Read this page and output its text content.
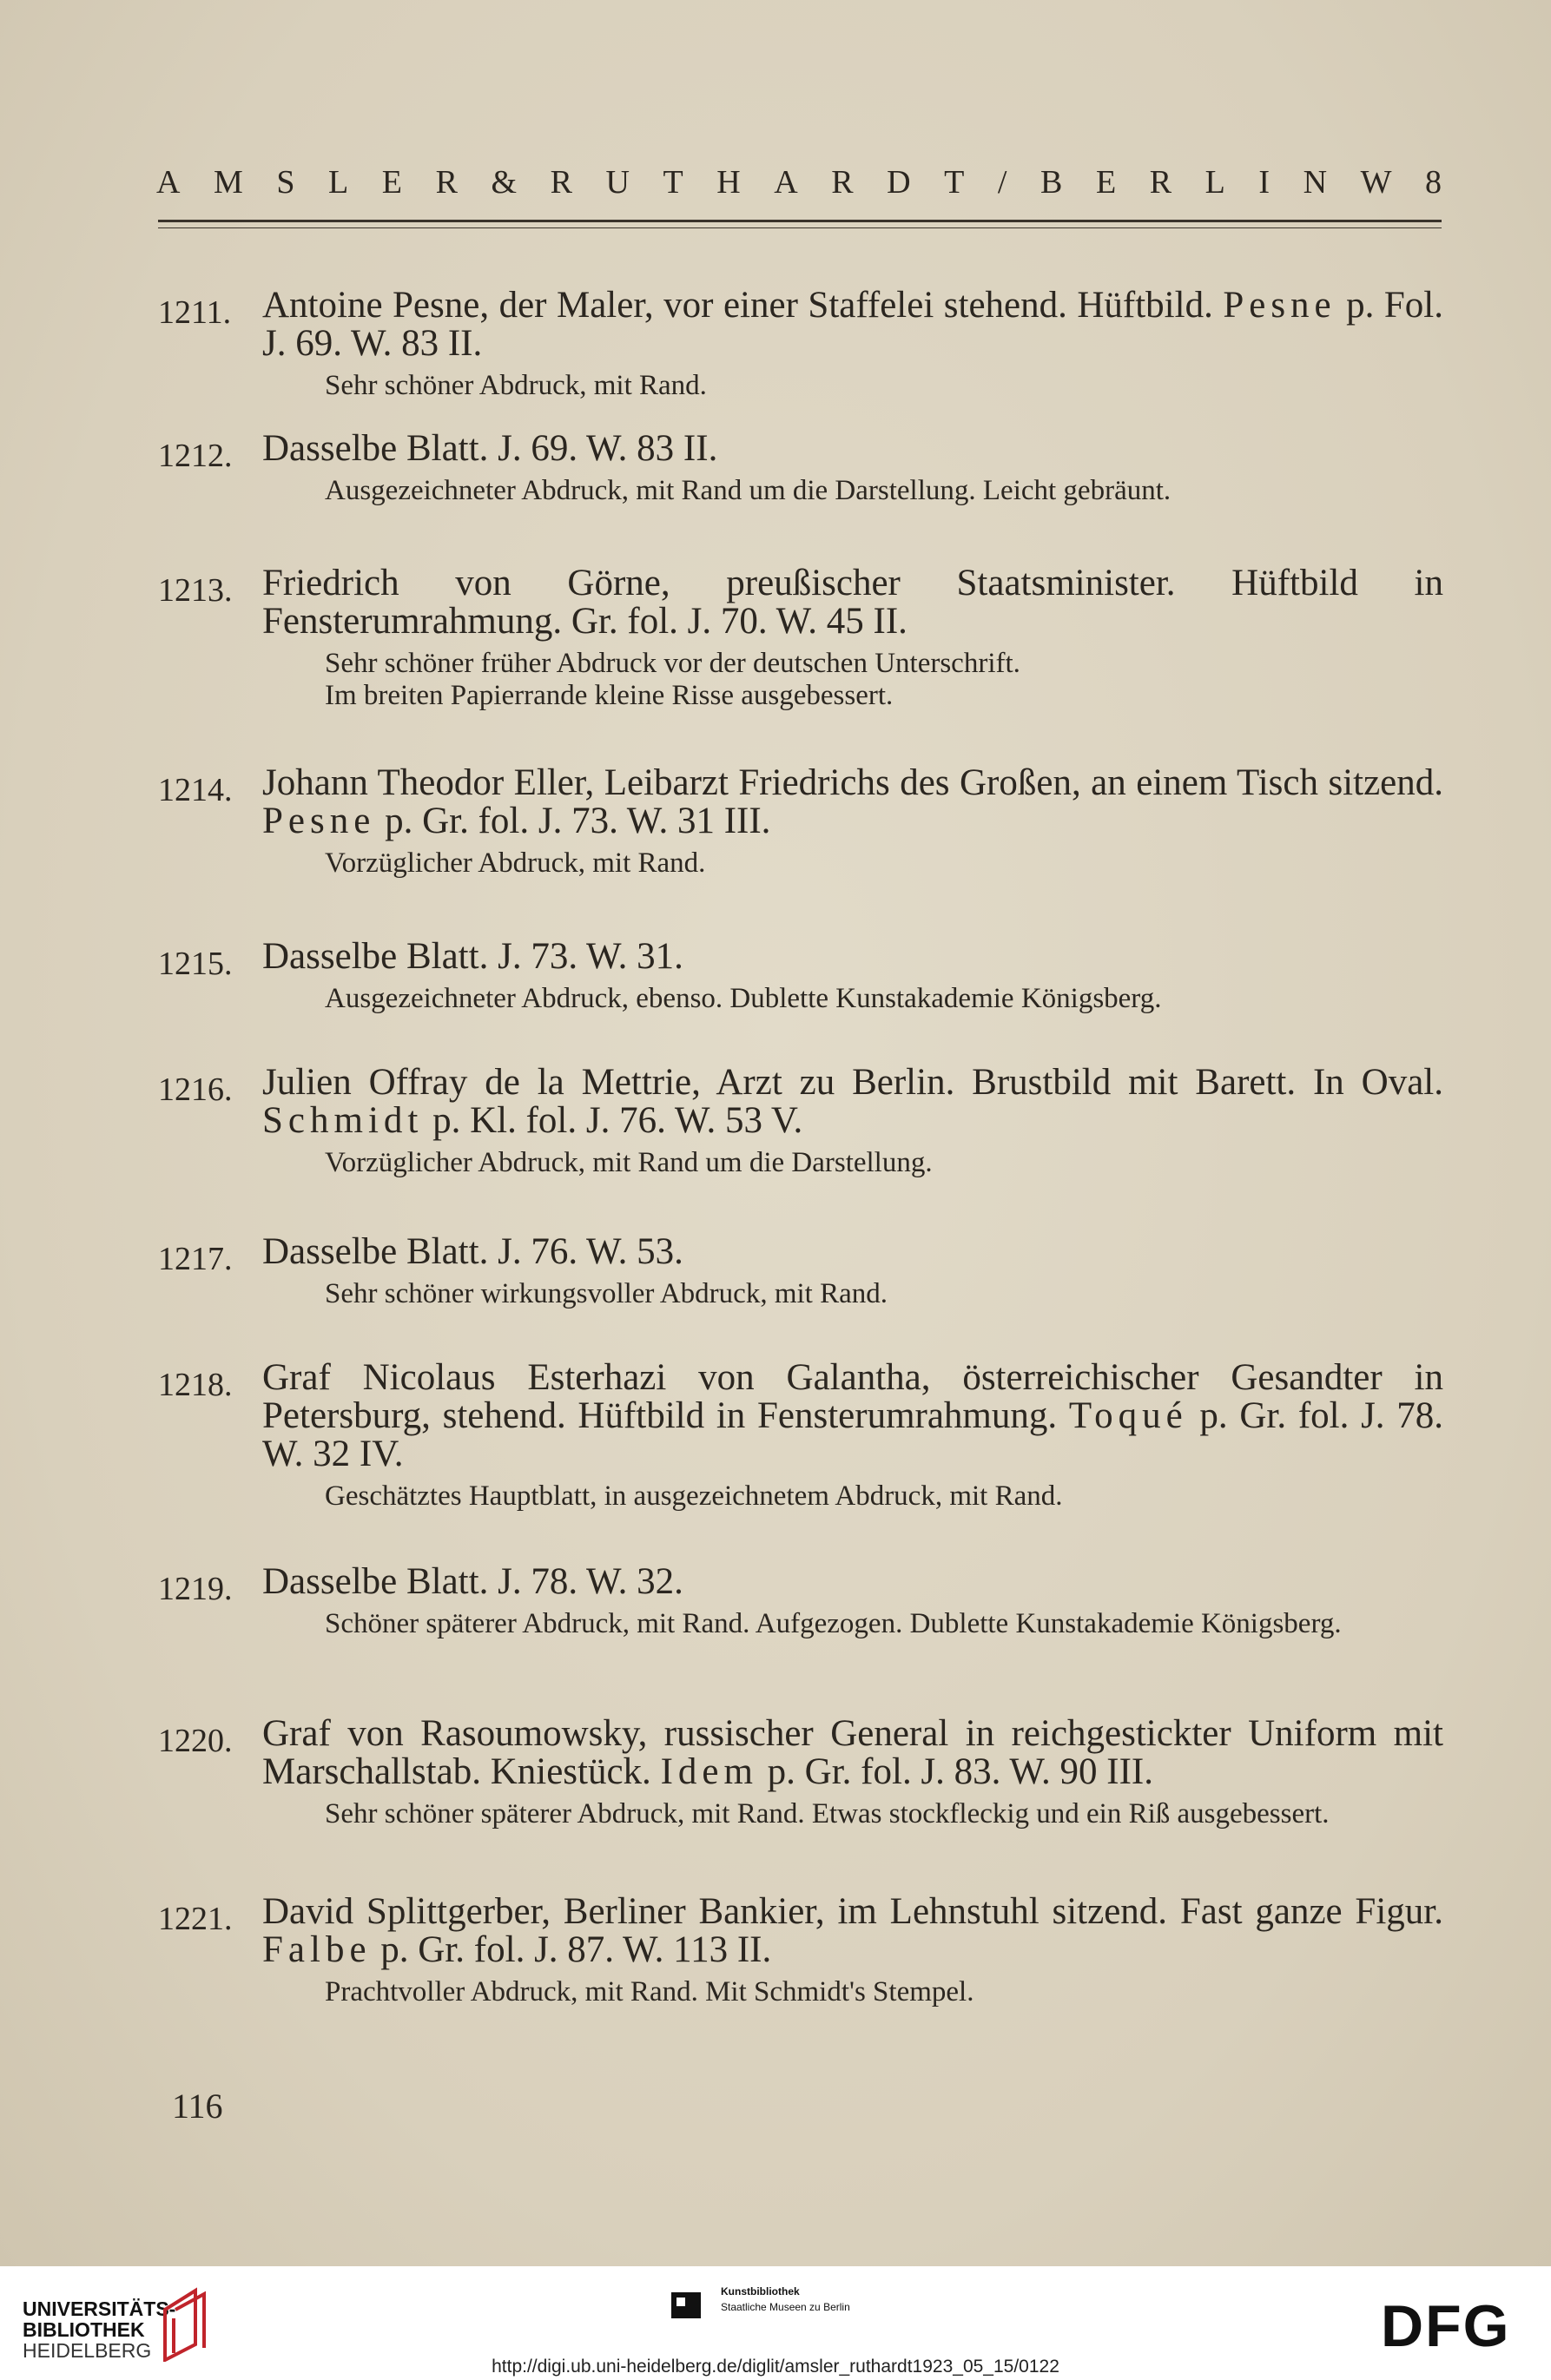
A M S L E R & R U T H A R D T / B E R L I N W 8
1211. Antoine Pesne, der Maler, vor einer Staffelei stehend. Hüftbild. Pesne p. Fol. J. 69. W. 83 II.
Sehr schöner Abdruck, mit Rand.
1212. Dasselbe Blatt. J. 69. W. 83 II.
Ausgezeichneter Abdruck, mit Rand um die Darstellung. Leicht gebräunt.
1213. Friedrich von Görne, preußischer Staatsminister. Hüftbild in Fensterumrahmung. Gr. fol. J. 70. W. 45 II.
Sehr schöner früher Abdruck vor der deutschen Unterschrift.
Im breiten Papierrande kleine Risse ausgebessert.
1214. Johann Theodor Eller, Leibarzt Friedrichs des Großen, an einem Tisch sitzend. Pesne p. Gr. fol. J. 73. W. 31 III.
Vorzüglicher Abdruck, mit Rand.
1215. Dasselbe Blatt. J. 73. W. 31.
Ausgezeichneter Abdruck, ebenso. Dublette Kunstakademie Königsberg.
1216. Julien Offray de la Mettrie, Arzt zu Berlin. Brustbild mit Barett. In Oval. Schmidt p. Kl. fol. J. 76. W. 53 V.
Vorzüglicher Abdruck, mit Rand um die Darstellung.
1217. Dasselbe Blatt. J. 76. W. 53.
Sehr schöner wirkungsvoller Abdruck, mit Rand.
1218. Graf Nicolaus Esterhazi von Galantha, österreichischer Gesandter in Petersburg, stehend. Hüftbild in Fensterumrahmung. Toqué p. Gr. fol. J. 78. W. 32 IV.
Geschätztes Hauptblatt, in ausgezeichnetem Abdruck, mit Rand.
1219. Dasselbe Blatt. J. 78. W. 32.
Schöner späterer Abdruck, mit Rand. Aufgezogen. Dublette Kunstakademie Königsberg.
1220. Graf von Rasoumowsky, russischer General in reichgestickter Uniform mit Marschallstab. Kniestück. Idem p. Gr. fol. J. 83. W. 90 III.
Sehr schöner späterer Abdruck, mit Rand. Etwas stockfleckig und ein Riß ausgebessert.
1221. David Splittgerber, Berliner Bankier, im Lehnstuhl sitzend. Fast ganze Figur. Falbe p. Gr. fol. J. 87. W. 113 II.
Prachtvoller Abdruck, mit Rand. Mit Schmidt's Stempel.
116
UNIVERSITÄTS-
BIBLIOTHEK
HEIDELBERG
Kunstbibliothek
Staatliche Museen zu Berlin	DFG
http://digi.ub.uni-heidelberg.de/diglit/amsler_ruthardt1923_05_15/0122
